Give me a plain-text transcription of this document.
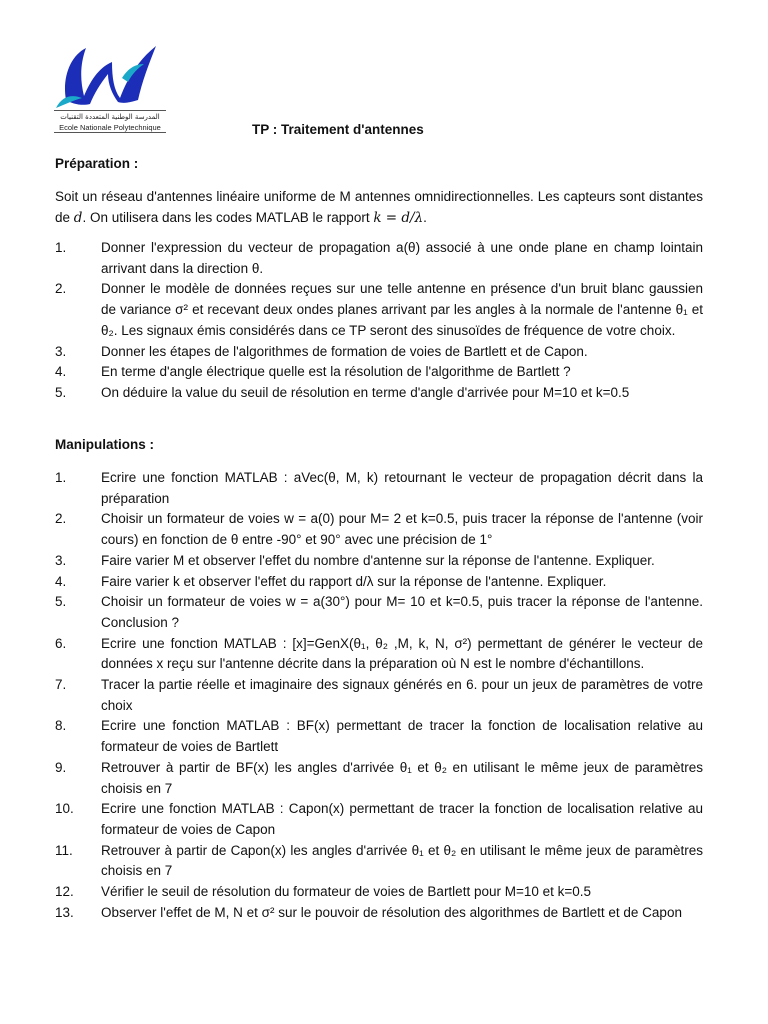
المدرسة الوطنية المتعددة التقنيات
Ecole Nationale Polytechnique	TP : Traitement d'antennes
Préparation :
Soit un réseau d'antennes linéaire uniforme de M antennes omnidirectionnelles. Les capteurs sont distantes de d. On utilisera dans les codes MATLAB le rapport k = d/λ.
1.	Donner l'expression du vecteur de propagation a(θ) associé à une onde plane en champ lointain arrivant dans la direction θ.
2.	Donner le modèle de données reçues sur une telle antenne en présence d'un bruit blanc gaussien de variance σ² et recevant deux ondes planes arrivant par les angles à la normale de l'antenne θ₁ et θ₂. Les signaux émis considérés dans ce TP seront des sinusoïdes de fréquence de votre choix.
3.	Donner les étapes de l'algorithmes de formation de voies de Bartlett et de Capon.
4.	En terme d'angle électrique quelle est la résolution de l'algorithme de Bartlett ?
5.	On déduire la value du seuil de résolution en terme d'angle d'arrivée pour M=10 et k=0.5
Manipulations :
1.	Ecrire une fonction MATLAB : aVec(θ, M, k) retournant le vecteur de propagation décrit dans la préparation
2.	Choisir un formateur de voies w = a(0) pour M= 2 et k=0.5, puis tracer la réponse de l'antenne (voir cours) en fonction de θ entre -90° et 90° avec une précision de 1°
3.	Faire varier M et observer l'effet du nombre d'antenne sur la réponse de l'antenne. Expliquer.
4.	Faire varier k et observer l'effet du rapport d/λ sur la réponse de l'antenne. Expliquer.
5.	Choisir un formateur de voies w = a(30°) pour M= 10 et k=0.5, puis tracer la réponse de l'antenne. Conclusion ?
6.	Ecrire une fonction MATLAB : [x]=GenX(θ₁, θ₂ ,M, k, N, σ²) permettant de générer le vecteur de données x reçu sur l'antenne décrite dans la préparation où N est le nombre d'échantillons.
7.	Tracer la partie réelle et imaginaire des signaux générés en 6. pour un jeux de paramètres de votre choix
8.	Ecrire une fonction MATLAB : BF(x) permettant de tracer la fonction de localisation relative au formateur de voies de Bartlett
9.	Retrouver à partir de BF(x) les angles d'arrivée θ₁ et θ₂ en utilisant le même jeux de paramètres choisis en 7
10.	Ecrire une fonction MATLAB : Capon(x) permettant de tracer la fonction de localisation relative au formateur de voies de Capon
11.	Retrouver à partir de Capon(x) les angles d'arrivée θ₁ et θ₂ en utilisant le même jeux de paramètres choisis en 7
12.	Vérifier le seuil de résolution du formateur de voies de Bartlett pour M=10 et k=0.5
13.	Observer l'effet de M, N et σ² sur le pouvoir de résolution des algorithmes de Bartlett et de Capon
